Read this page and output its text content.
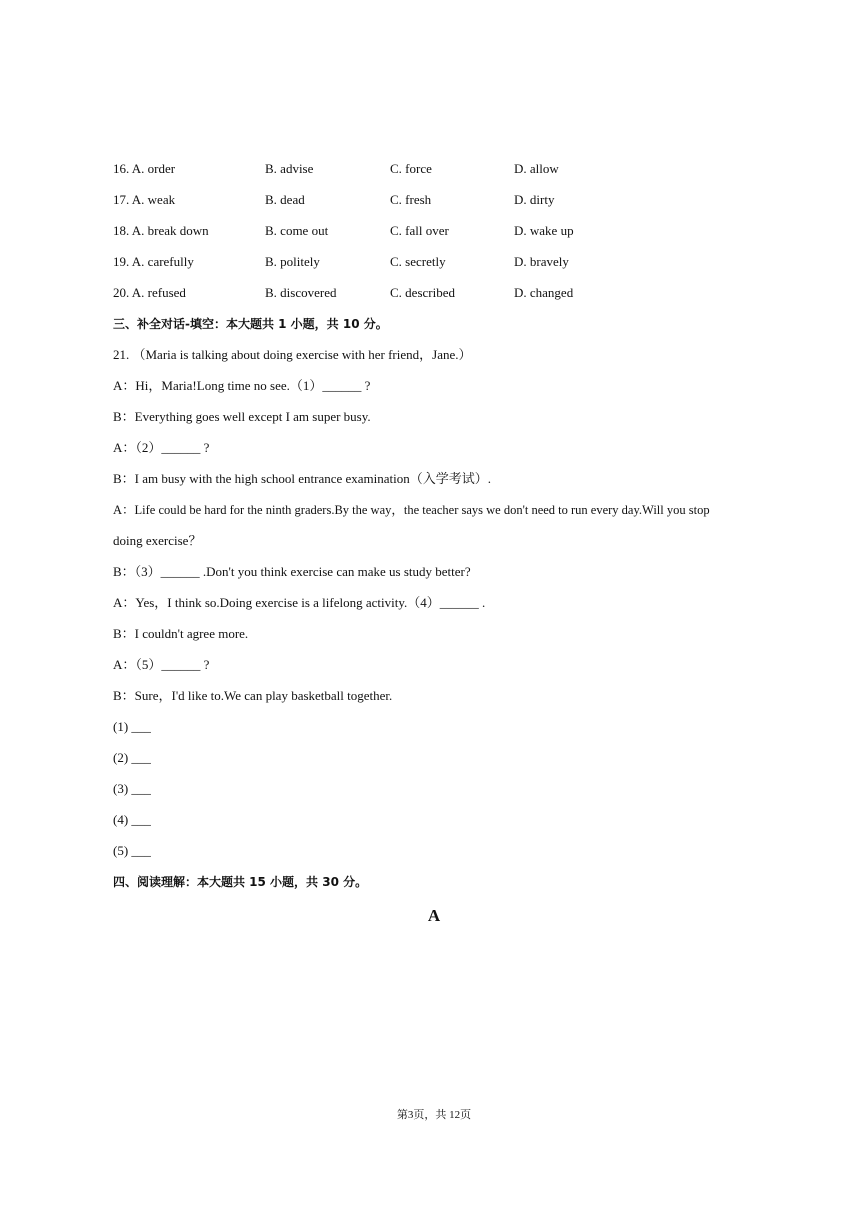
16. A. order	B. advise	C. force	D. allow
17. A. weak	B. dead	C. fresh	D. dirty
18. A. break down	B. come out	C. fall over	D. wake up
19. A. carefully	B. politely	C. secretly	D. bravely
20. A. refused	B. discovered	C. described	D. changed
三、补全对话-填空：本大题共 1 小题，共 10 分。
21. （Maria is talking about doing exercise with her friend，Jane.）
A：Hi，Maria!Long time no see.（1）______ ?
B：Everything goes well except I am super busy.
A：（2）______ ?
B：I am busy with the high school entrance examination（入学考试）.
A：Life could be hard for the ninth graders.By the way，the teacher says we don't need to run every day.Will you stop
doing exercise？
B：（3）______ .Don't you think exercise can make us study better?
A：Yes，I think so.Doing exercise is a lifelong activity.（4）______ .
B：I couldn't agree more.
A：（5）______ ?
B：Sure，I'd like to.We can play basketball together.
(1) ___
(2) ___
(3) ___
(4) ___
(5) ___
四、阅读理解：本大题共 15 小题，共 30 分。
A
第3页，共 12页
